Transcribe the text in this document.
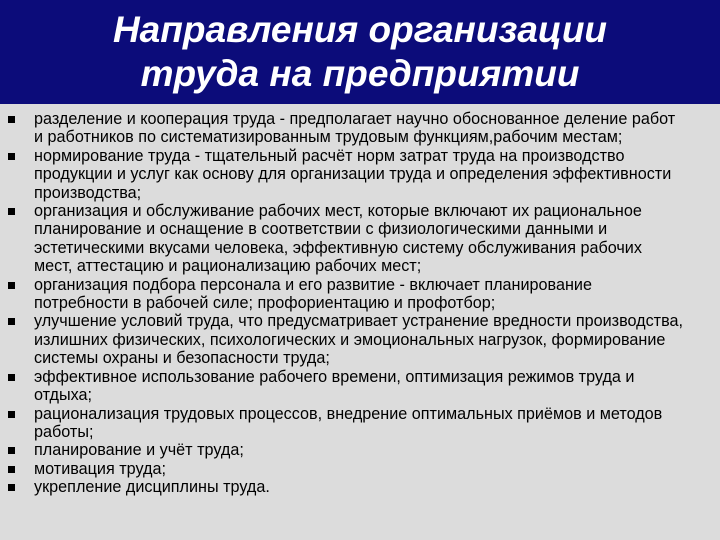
Направления организации
труда на предприятии
разделение и кооперация труда - предполагает научно обоснованное деление работ и работников по систематизированным трудовым функциям,рабочим местам;
нормирование труда - тщательный расчёт норм затрат труда на производство продукции и услуг как основу для организации труда и определения эффективности производства;
организация и обслуживание рабочих мест, которые включают их рациональное планирование и оснащение в соответствии с физиологическими данными и эстетическими вкусами человека, эффективную систему обслуживания рабочих мест, аттестацию и рационализацию рабочих мест;
организация подбора персонала и его развитие - включает планирование потребности в рабочей силе; профориентацию и профотбор;
улучшение условий труда, что предусматривает устранение вредности производства, излишних физических, психологических и эмоциональных нагрузок, формирование системы охраны и безопасности труда;
эффективное использование рабочего времени, оптимизация режимов труда и отдыха;
рационализация трудовых процессов, внедрение оптимальных приёмов и методов работы;
планирование и учёт труда;
мотивация труда;
укрепление дисциплины труда.
